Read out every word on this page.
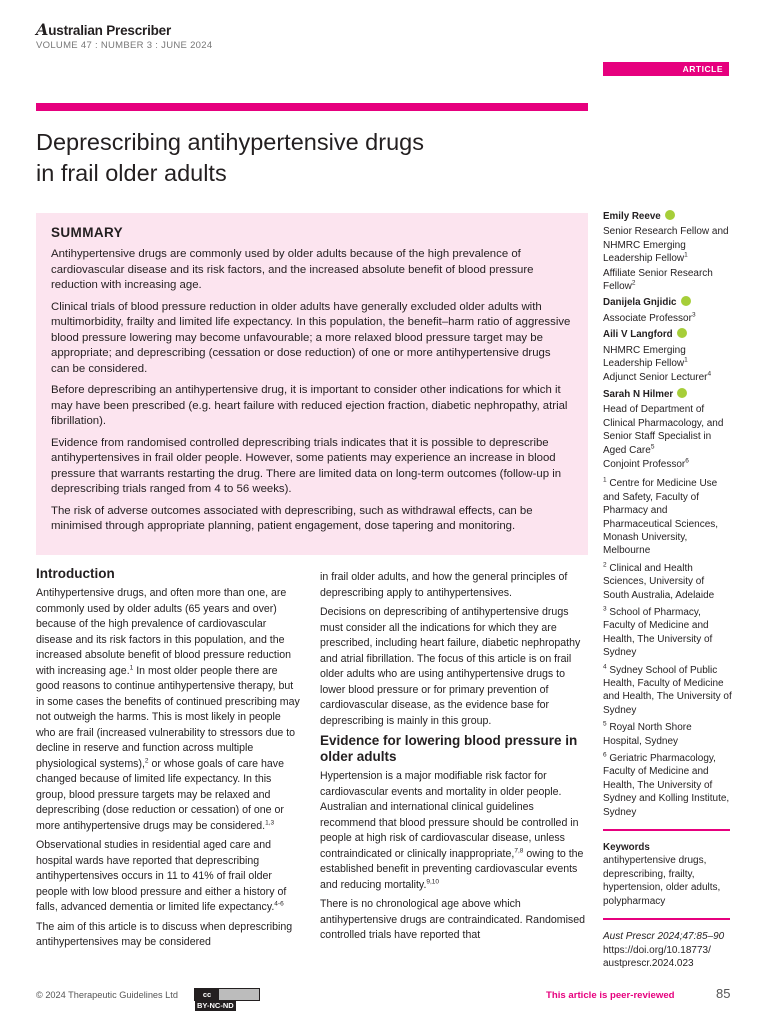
Australian Prescriber
VOLUME 47 : NUMBER 3 : JUNE 2024
ARTICLE
Deprescribing antihypertensive drugs
in frail older adults
SUMMARY

Antihypertensive drugs are commonly used by older adults because of the high prevalence of cardiovascular disease and its risk factors, and the increased absolute benefit of blood pressure reduction with increasing age.

Clinical trials of blood pressure reduction in older adults have generally excluded older adults with multimorbidity, frailty and limited life expectancy. In this population, the benefit–harm ratio of aggressive blood pressure lowering may become unfavourable; a more relaxed blood pressure target may be appropriate; and deprescribing (cessation or dose reduction) of one or more antihypertensive drugs can be considered.

Before deprescribing an antihypertensive drug, it is important to consider other indications for which it may have been prescribed (e.g. heart failure with reduced ejection fraction, diabetic nephropathy, atrial fibrillation).

Evidence from randomised controlled deprescribing trials indicates that it is possible to deprescribe antihypertensives in frail older people. However, some patients may experience an increase in blood pressure that warrants restarting the drug. There are limited data on long-term outcomes (follow-up in deprescribing trials ranged from 4 to 56 weeks).

The risk of adverse outcomes associated with deprescribing, such as withdrawal effects, can be minimised through appropriate planning, patient engagement, dose tapering and monitoring.

Introduction

Antihypertensive drugs, and often more than one, are commonly used by older adults (65 years and over) because of the high prevalence of cardiovascular disease and its risk factors in this population, and the increased absolute benefit of blood pressure reduction with increasing age.$^1$ In most older people there are good reasons to continue antihypertensive therapy, but in some cases the benefits of continued prescribing may not outweigh the harms. This is most likely in people who are frail (increased vulnerability to stressors due to decline in reserve and function across multiple physiological systems),$^2$ or whose goals of care have changed because of limited life expectancy. In this group, blood pressure targets may be relaxed and deprescribing (dose reduction or cessation) of one or more antihypertensive drugs may be considered.$^{1,3}$

Observational studies in residential aged care and hospital wards have reported that deprescribing antihypertensives occurs in 11 to 41% of frail older people with low blood pressure and either a history of falls, advanced dementia or limited life expectancy.$^{4-6}$

The aim of this article is to discuss when deprescribing antihypertensives may be considered

in frail older adults, and how the general principles of deprescribing apply to antihypertensives.

Decisions on deprescribing of antihypertensive drugs must consider all the indications for which they are prescribed, including heart failure, diabetic nephropathy and atrial fibrillation. The focus of this article is on frail older adults who are using antihypertensive drugs to lower blood pressure or for primary prevention of cardiovascular disease, as the evidence base for deprescribing is mainly in this group.

Evidence for lowering blood pressure in older adults

Hypertension is a major modifiable risk factor for cardiovascular events and mortality in older people. Australian and international clinical guidelines recommend that blood pressure should be controlled in people at high risk of cardiovascular disease, unless contraindicated or clinically inappropriate,$^{7,8}$ owing to the established benefit in preventing cardiovascular events and reducing mortality.$^{9,10}$

There is no chronological age above which antihypertensive drugs are contraindicated. Randomised controlled trials have reported that

Emily Reeve
Senior Research Fellow and NHMRC Emerging Leadership Fellow$^1$
Affiliate Senior Research Fellow$^2$
Danijela Gnjidic
Associate Professor$^3$
Aili V Langford
NHMRC Emerging Leadership Fellow$^1$
Adjunct Senior Lecturer$^4$
Sarah N Hilmer
Head of Department of Clinical Pharmacology, and Senior Staff Specialist in Aged Care$^5$
Conjoint Professor$^6$
$^1$ Centre for Medicine Use and Safety, Faculty of Pharmacy and Pharmaceutical Sciences, Monash University, Melbourne
$^2$ Clinical and Health Sciences, University of South Australia, Adelaide
$^3$ School of Pharmacy, Faculty of Medicine and Health, The University of Sydney
$^4$ Sydney School of Public Health, Faculty of Medicine and Health, The University of Sydney
$^5$ Royal North Shore Hospital, Sydney
$^6$ Geriatric Pharmacology, Faculty of Medicine and Health, The University of Sydney and Kolling Institute, Sydney
Keywords
antihypertensive drugs, deprescribing, frailty, hypertension, older adults, polypharmacy
Aust Prescr 2024;47:85–90
https://doi.org/10.18773/ austprescr.2024.023
© 2024 Therapeutic Guidelines Ltd	cc BY-NC-ND
This article is peer-reviewed	85
